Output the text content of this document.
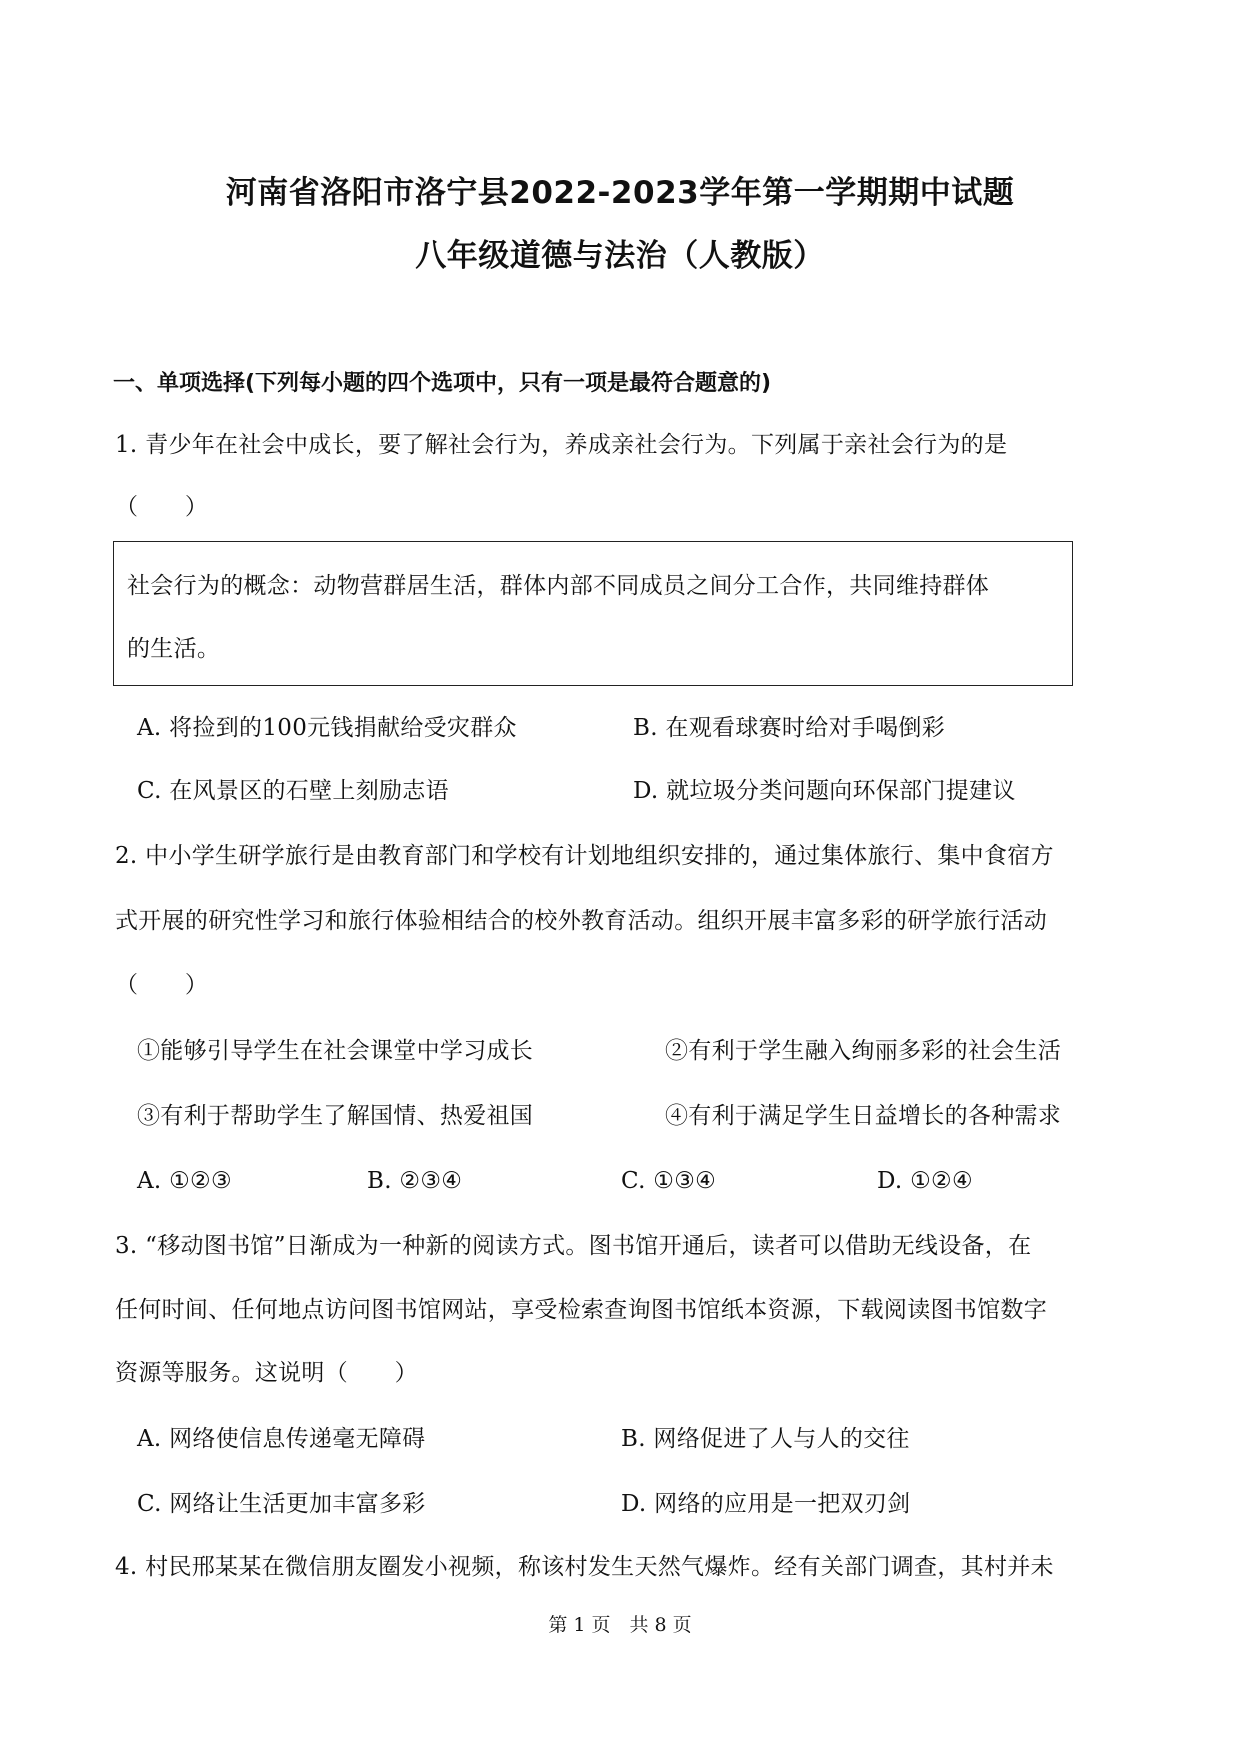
河南省洛阳市洛宁县2022-2023学年第一学期期中试题
八年级道德与法治（人教版）
一、单项选择(下列每小题的四个选项中，只有一项是最符合题意的)
1. 青少年在社会中成长，要了解社会行为，养成亲社会行为。下列属于亲社会行为的是
（　　）
社会行为的概念：动物营群居生活，群体内部不同成员之间分工合作，共同维持群体
的生活。
A. 将捡到的100元钱捐献给受灾群众	B. 在观看球赛时给对手喝倒彩
C. 在风景区的石壁上刻励志语	D. 就垃圾分类问题向环保部门提建议
2. 中小学生研学旅行是由教育部门和学校有计划地组织安排的，通过集体旅行、集中食宿方
式开展的研究性学习和旅行体验相结合的校外教育活动。组织开展丰富多彩的研学旅行活动
（　　）
①能够引导学生在社会课堂中学习成长	②有利于学生融入绚丽多彩的社会生活
③有利于帮助学生了解国情、热爱祖国	④有利于满足学生日益增长的各种需求
A. ①②③	B. ②③④	C. ①③④	D. ①②④
3. “移动图书馆”日渐成为一种新的阅读方式。图书馆开通后，读者可以借助无线设备，在
任何时间、任何地点访问图书馆网站，享受检索查询图书馆纸本资源，下载阅读图书馆数字
资源等服务。这说明（　　）
A. 网络使信息传递毫无障碍	B. 网络促进了人与人的交往
C. 网络让生活更加丰富多彩	D. 网络的应用是一把双刃剑
4. 村民邢某某在微信朋友圈发小视频，称该村发生天然气爆炸。经有关部门调查，其村并未
第 1 页　共 8 页
